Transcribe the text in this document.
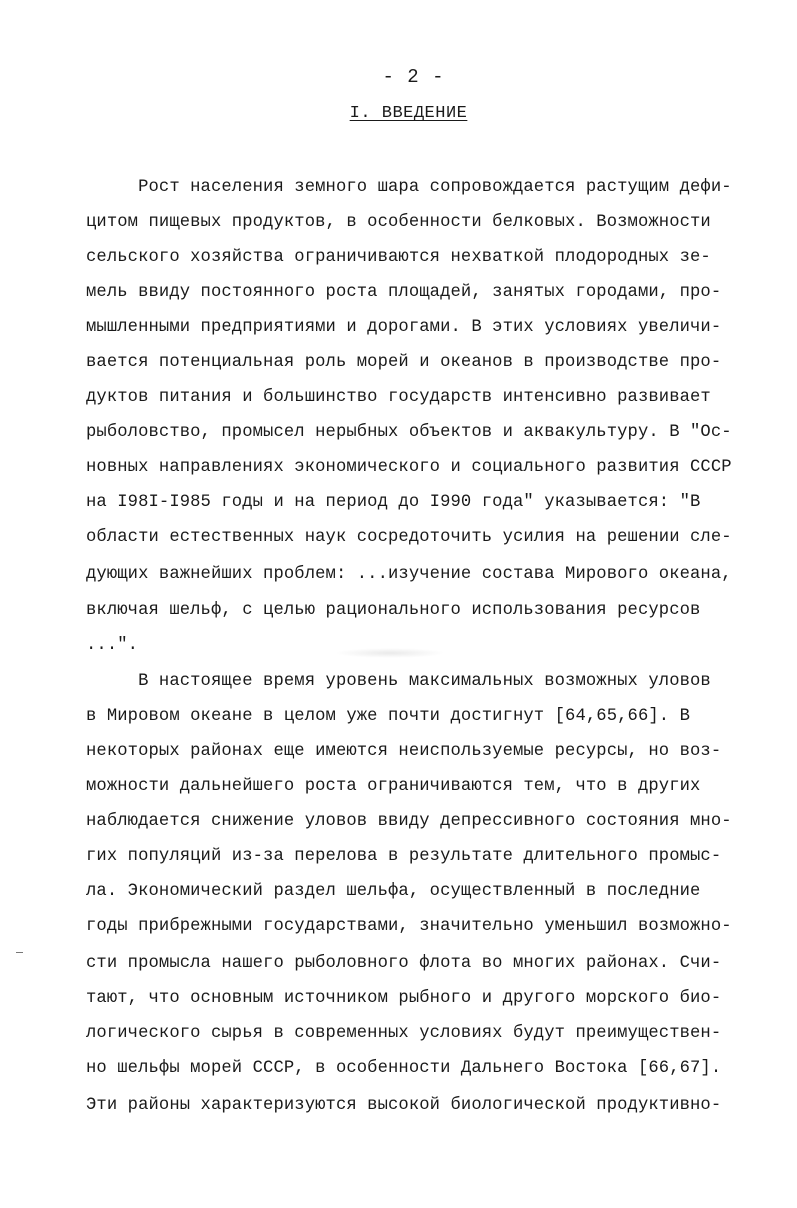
- 2 -
I. ВВЕДЕНИЕ
Рост населения земного шара сопровождается растущим дефи-
цитом пищевых продуктов, в особенности белковых. Возможности
сельского хозяйства ограничиваются нехваткой плодородных зе-
мель ввиду постоянного роста площадей, занятых городами, про-
мышленными предприятиями и дорогами. В этих условиях увеличи-
вается потенциальная роль морей и океанов в производстве про-
дуктов питания и большинство государств интенсивно развивает
рыболовство, промысел нерыбных объектов и аквакультуру. В "Ос-
новных направлениях экономического и социального развития СССР
на I98I-I985 годы и на период до I990 года" указывается: "В
области естественных наук сосредоточить усилия на решении сле-
дующих важнейших проблем: ...изучение состава Мирового океана,
включая шельф, с целью рационального использования ресурсов
...".
В настоящее время уровень максимальных возможных уловов
в Мировом океане в целом уже почти достигнут [64,65,66]. В
некоторых районах еще имеются неиспользуемые ресурсы, но воз-
можности дальнейшего роста ограничиваются тем, что в других
наблюдается снижение уловов ввиду депрессивного состояния мно-
гих популяций из-за перелова в результате длительного промыс-
ла. Экономический раздел шельфа, осуществленный в последние
годы прибрежными государствами, значительно уменьшил возможно-
сти промысла нашего рыболовного флота во многих районах. Счи-
тают, что основным источником рыбного и другого морского био-
логического сырья в современных условиях будут преимуществен-
но шельфы морей СССР, в особенности Дальнего Востока [66,67].
Эти районы характеризуются высокой биологической продуктивно-
